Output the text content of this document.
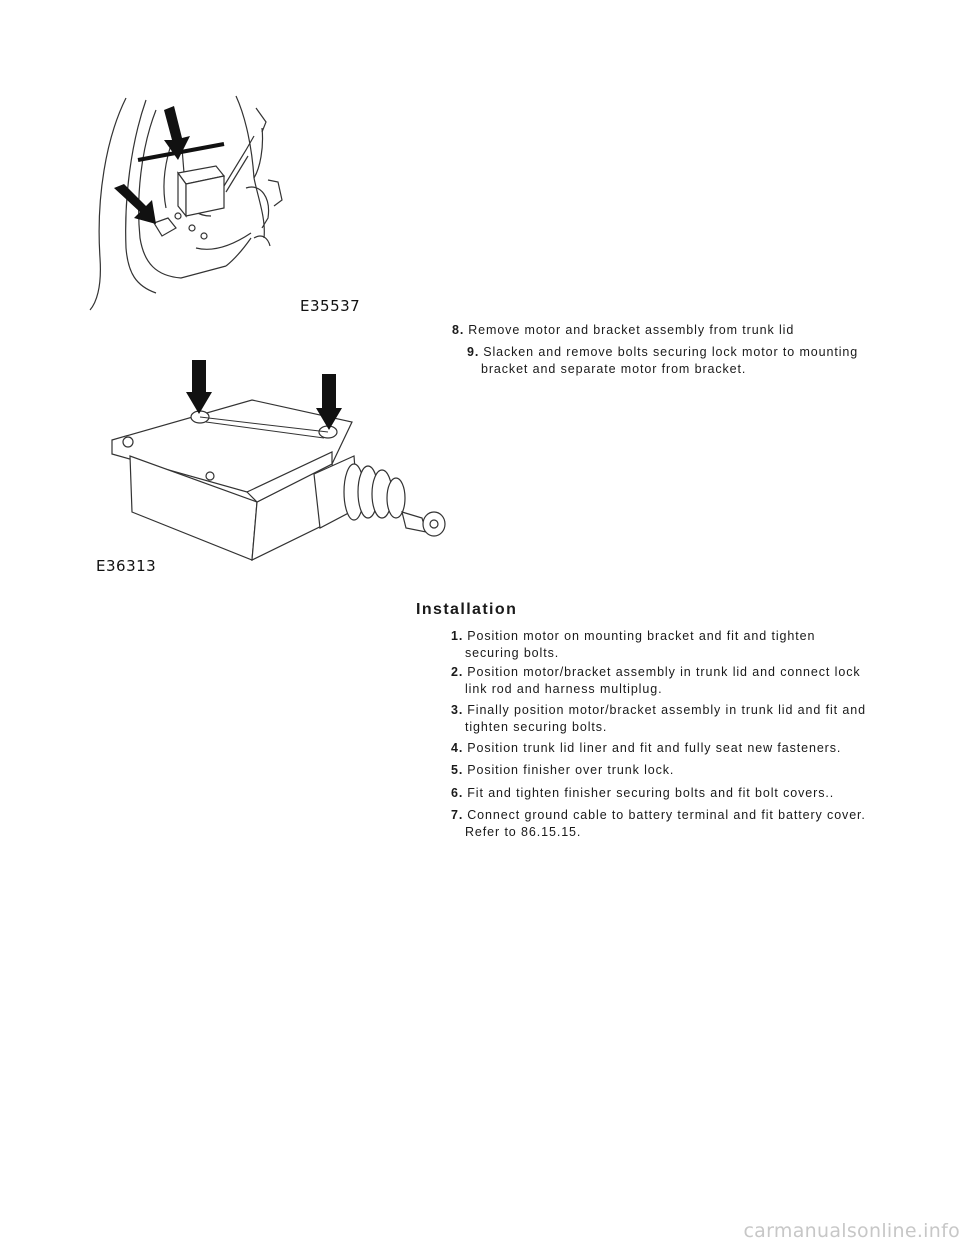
E35537
8. Remove motor and bracket assembly from trunk lid
9. Slacken and remove bolts securing lock motor to mounting
bracket and separate motor from bracket.
E36313
Installation
1. Position motor on mounting bracket and fit and tighten
securing bolts.
2. Position motor/bracket assembly in trunk lid and connect lock
link rod and harness multiplug.
3. Finally position motor/bracket assembly in trunk lid and fit and
tighten securing bolts.
4. Position trunk lid liner and fit and fully seat new fasteners.
5. Position finisher over trunk lock.
6. Fit and tighten finisher securing bolts and fit bolt covers..
7. Connect ground cable to battery terminal and fit battery cover.
Refer to 86.15.15.
carmanualsonline.info
